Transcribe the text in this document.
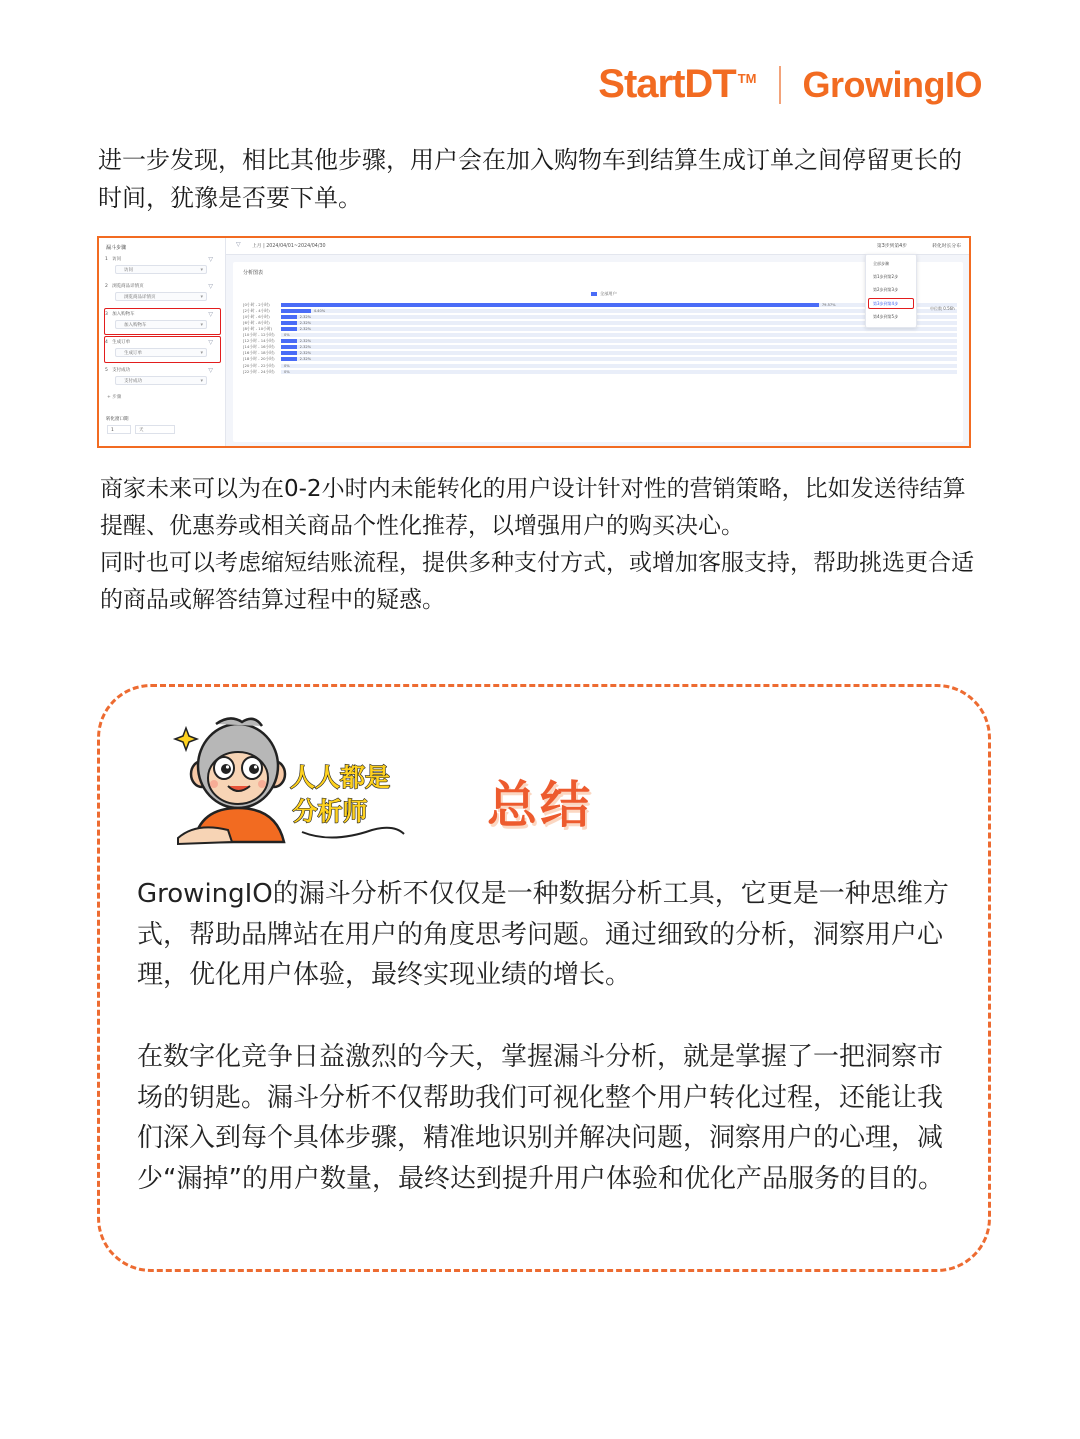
StartDT ™ GrowingIO

进一步发现，相比其他步骤，用户会在加入购物车到结算生成订单之间停留更长的时间，犹豫是否要下单。

漏斗步骤
1 访问	▽
访问 ▾
2 浏览商品详情页	▽
浏览商品详情页 ▾
3 加入购物车	▽
加入购物车 ▾
4 生成订单	▽
生成订单 ▾
5 支付成功	▽
支付成功 ▾
+ 步骤
转化窗口期
1	天
▽ 上月 | 2024/04/01~2024/04/30	第3步到第4步	转化时长分布
分析图表
全部用户
[0小时 - 2小时)	79.57%
[2小时 - 4小时)	4.40%
[4小时 - 6小时)	2.32%
[6小时 - 8小时)	2.32%
[8小时 - 10小时)	2.32%
[10小时 - 12小时)	0%
[12小时 - 14小时)	2.32%
[14小时 - 16小时)	2.32%
[16小时 - 18小时)	2.32%
[18小时 - 20小时)	2.32%
[20小时 - 22小时)	0%
[22小时 - 24小时)	0%
中位数 0.56h
全部步骤
第1步到第2步
第2步到第3步
第3步到第4步
第4步到第5步

商家未来可以为在0-2小时内未能转化的用户设计针对性的营销策略，比如发送待结算提醒、优惠券或相关商品个性化推荐，以增强用户的购买决心。
同时也可以考虑缩短结账流程，提供多种支付方式，或增加客服支持，帮助挑选更合适的商品或解答结算过程中的疑惑。

人人都是
分析师 总结

GrowingIO的漏斗分析不仅仅是一种数据分析工具，它更是一种思维方式，帮助品牌站在用户的角度思考问题。通过细致的分析，洞察用户心理，优化用户体验，最终实现业绩的增长。

在数字化竞争日益激烈的今天，掌握漏斗分析，就是掌握了一把洞察市场的钥匙。漏斗分析不仅帮助我们可视化整个用户转化过程，还能让我们深入到每个具体步骤，精准地识别并解决问题，洞察用户的心理，减少“漏掉”的用户数量，最终达到提升用户体验和优化产品服务的目的。
